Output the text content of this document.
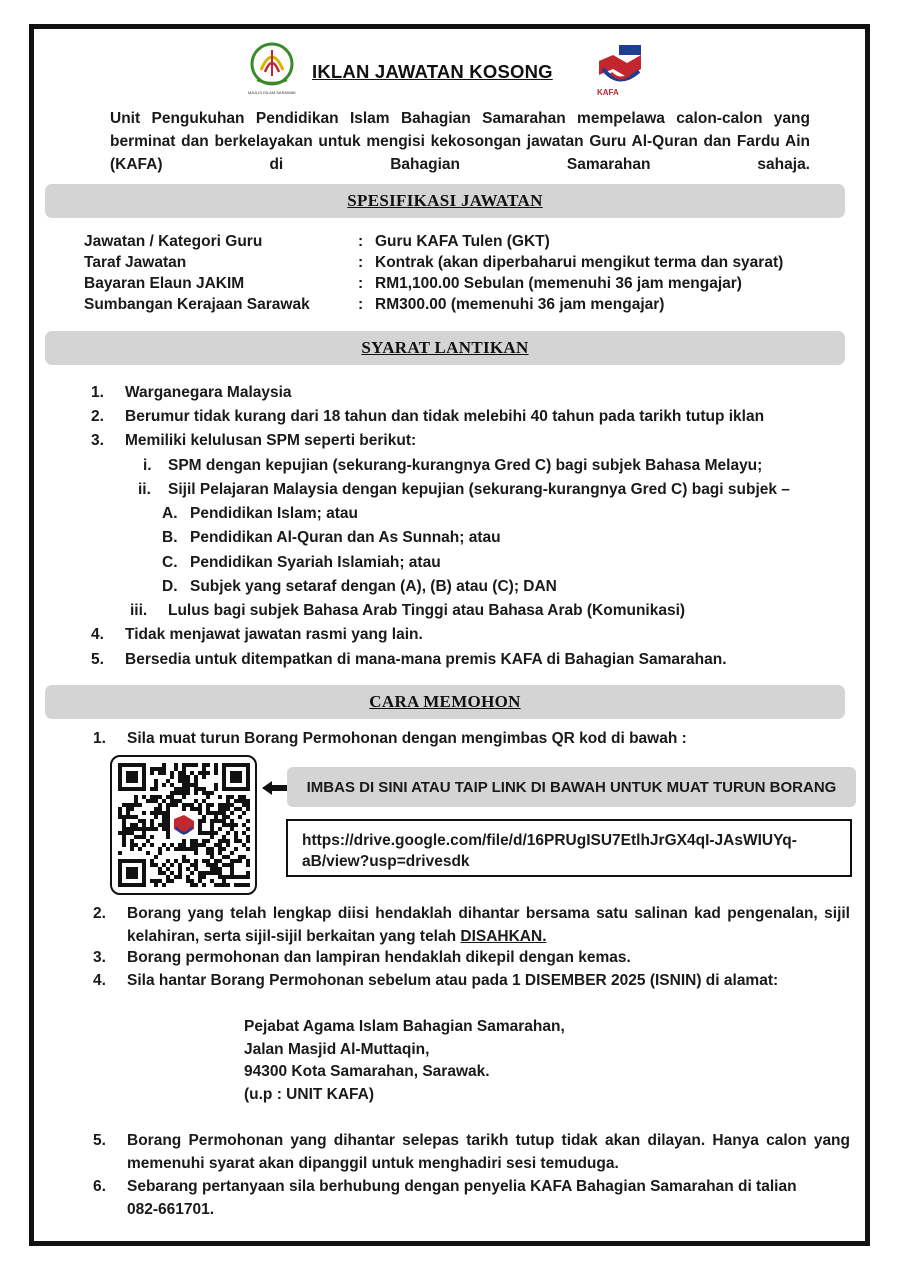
MAJLIS ISLAM SARAWAK
IKLAN JAWATAN KOSONG
KAFA
Unit Pengukuhan Pendidikan Islam Bahagian Samarahan mempelawa calon-calon yang berminat dan berkelayakan untuk mengisi kekosongan jawatan Guru Al-Quran dan Fardu Ain (KAFA) di Bahagian Samarahan sahaja.
SPESIFIKASI JAWATAN
Jawatan / Kategori Guru	: Guru KAFA Tulen (GKT)
Taraf Jawatan	: Kontrak (akan diperbaharui mengikut terma dan syarat)
Bayaran Elaun JAKIM	: RM1,100.00 Sebulan (memenuhi 36 jam mengajar)
Sumbangan Kerajaan Sarawak	: RM300.00 (memenuhi 36 jam mengajar)
SYARAT LANTIKAN
1. Warganegara Malaysia
2. Berumur tidak kurang dari 18 tahun dan tidak melebihi 40 tahun pada tarikh tutup iklan
3. Memiliki kelulusan SPM seperti berikut:
i. SPM dengan kepujian (sekurang-kurangnya Gred C) bagi subjek Bahasa Melayu;
ii. Sijil Pelajaran Malaysia dengan kepujian (sekurang-kurangnya Gred C) bagi subjek –
A. Pendidikan Islam; atau
B. Pendidikan Al-Quran dan As Sunnah; atau
C. Pendidikan Syariah Islamiah; atau
D. Subjek yang setaraf dengan (A), (B) atau (C); DAN
iii. Lulus bagi subjek Bahasa Arab Tinggi atau Bahasa Arab (Komunikasi)
4. Tidak menjawat jawatan rasmi yang lain.
5. Bersedia untuk ditempatkan di mana-mana premis KAFA di Bahagian Samarahan.
CARA MEMOHON
1. Sila muat turun Borang Permohonan dengan mengimbas QR kod di bawah :
IMBAS DI SINI ATAU TAIP LINK DI BAWAH UNTUK MUAT TURUN BORANG
https://drive.google.com/file/d/16PRUgISU7EtlhJrGX4qI-JAsWIUYq-
aB/view?usp=drivesdk
2. Borang yang telah lengkap diisi hendaklah dihantar bersama satu salinan kad pengenalan, sijil
kelahiran, serta sijil-sijil berkaitan yang telah DISAHKAN.
3. Borang permohonan dan lampiran hendaklah dikepil dengan kemas.
4. Sila hantar Borang Permohonan sebelum atau pada 1 DISEMBER 2025 (ISNIN) di alamat:
Pejabat Agama Islam Bahagian Samarahan,
Jalan Masjid Al-Muttaqin,
94300 Kota Samarahan, Sarawak.
(u.p : UNIT KAFA)
5. Borang Permohonan yang dihantar selepas tarikh tutup tidak akan dilayan. Hanya calon yang
memenuhi syarat akan dipanggil untuk menghadiri sesi temuduga.
6. Sebarang pertanyaan sila berhubung dengan penyelia KAFA Bahagian Samarahan di talian
082-661701.
